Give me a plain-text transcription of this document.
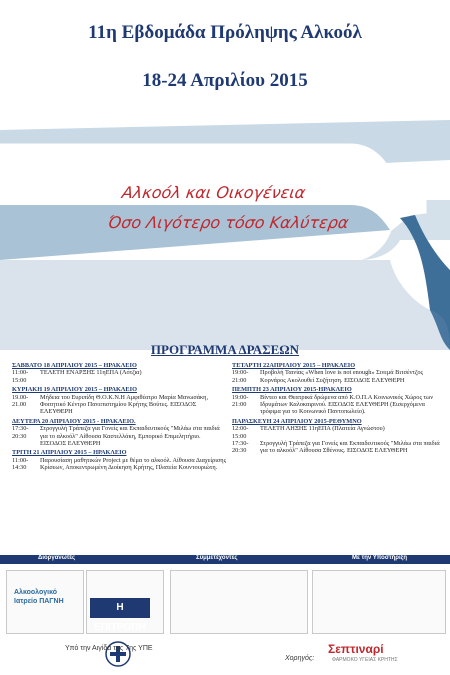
11η Εβδομάδα Πρόληψης Αλκοόλ
18-24 Απριλίου 2015
Αλκοόλ και Οικογένεια
Όσο Λιγότερο τόσο Καλύτερα
ΠΡΟΓΡΑΜΜΑ ΔΡΑΣΕΩΝ
ΣΑΒΒΑΤΟ 18 ΑΠΡΙΛΙΟΥ 2015 – ΗΡΑΚΛΕΙΟ
11:00-15:00
ΤΕΛΕΤΗ ΕΝΑΡΞΗΣ 11ηΕΠΑ (Λότζια)
ΚΥΡΙΑΚΗ 19 ΑΠΡΙΛΙΟΥ 2015 – ΗΡΑΚΛΕΙΟ
19.00-21.00
Μήδεια του Ευριπίδη Θ.Ο.Κ.Ν.Η Αμφιθέατρο Μαρία Μανωσάκη, Φοιτητικό Κέντρο Πανεπιστημίου Κρήτης Βούτες. ΕΙΣΟΔΟΣ ΕΛΕΥΘΕΡΗ
ΔΕΥΤΕΡΑ 20 ΑΠΡΙΛΙΟΥ 2015 - ΗΡΑΚΛΕΙΟ.
17:30-20:30
Στρογγυλή Τράπεζα για Γονείς και Εκπαιδευτικούς "Μιλάω στα παιδιά για το αλκοόλ" Αίθουσα Καστελλάκη, Εμπορικό Επιμελητήριο. ΕΙΣΟΔΟΣ ΕΛΕΥΘΕΡΗ
ΤΡΙΤΗ 21 ΑΠΡΙΛΙΟΥ 2015 – ΗΡΑΚΛΕΙΟ
11:00-14:30
Παρουσίαση μαθητικών Project με θέμα το αλκοόλ. Αίθουσα Διαχείρισης Κρίσεων, Αποκεντρωμένη Διοίκηση Κρήτης, Πλατεία Κουντουριώτη.
ΤΕΤΑΡΤΗ 22ΑΠΡΙΛΙΟΥ 2015 – ΗΡΑΚΛΕΙΟ
19:00-21:00
Προβολή Ταινίας «When love is not enough» Σινεμά Βιτσέντζος Κορνάρος Ακολουθεί Συζήτηση. ΕΙΣΟΔΟΣ ΕΛΕΥΘΕΡΗ
ΠΕΜΠΤΗ 23 ΑΠΡΙΛΙΟΥ 2015-ΗΡΑΚΛΕΙΟ
19:00-21:00
Βίντεο και Θεατρικά δρώμενα από Κ.Ο.Π.Α Κοινωνικός Χώρος των Ιδρυμάτων Καλοκαιρινού. ΕΙΣΟΔΟΣ ΕΛΕΥΘΕΡΗ (Εισερχόμενα τρόφιμα για το Κοινωνικό Παντοπωλείο).
ΠΑΡΑΣΚΕΥΗ 24 ΑΠΡΙΛΙΟΥ 2015-ΡΕΘΥΜΝΟ
12:00-15:00
ΤΕΛΕΤΗ ΛΗΞΗΣ 11ηΕΠΑ (Πλατεία Αγνώστου)
17:30-20:30
Στρογγυλή Τράπεζα για Γονείς και Εκπαιδευτικούς "Μιλάω στα παιδιά για το αλκοόλ" Αίθουσα Σθένους. ΕΙΣΟΔΟΣ ΕΛΕΥΘΕΡΗ
Διοργανωτές	Συμμετέχοντες	Με την Υποστήριξη
Αλκοολογικό
Ιατρείο ΠΑΓΝΗ
Η ΕΠΙΤΡΟΠΗ
Υπό την Αιγίδα της 7ης ΥΠΕ
Χορηγός:
Σεπτιναρί
ΦΑΡΜΟΚΟ ΥΓΕΙΑΣ ΚΡΗΤΗΣ
